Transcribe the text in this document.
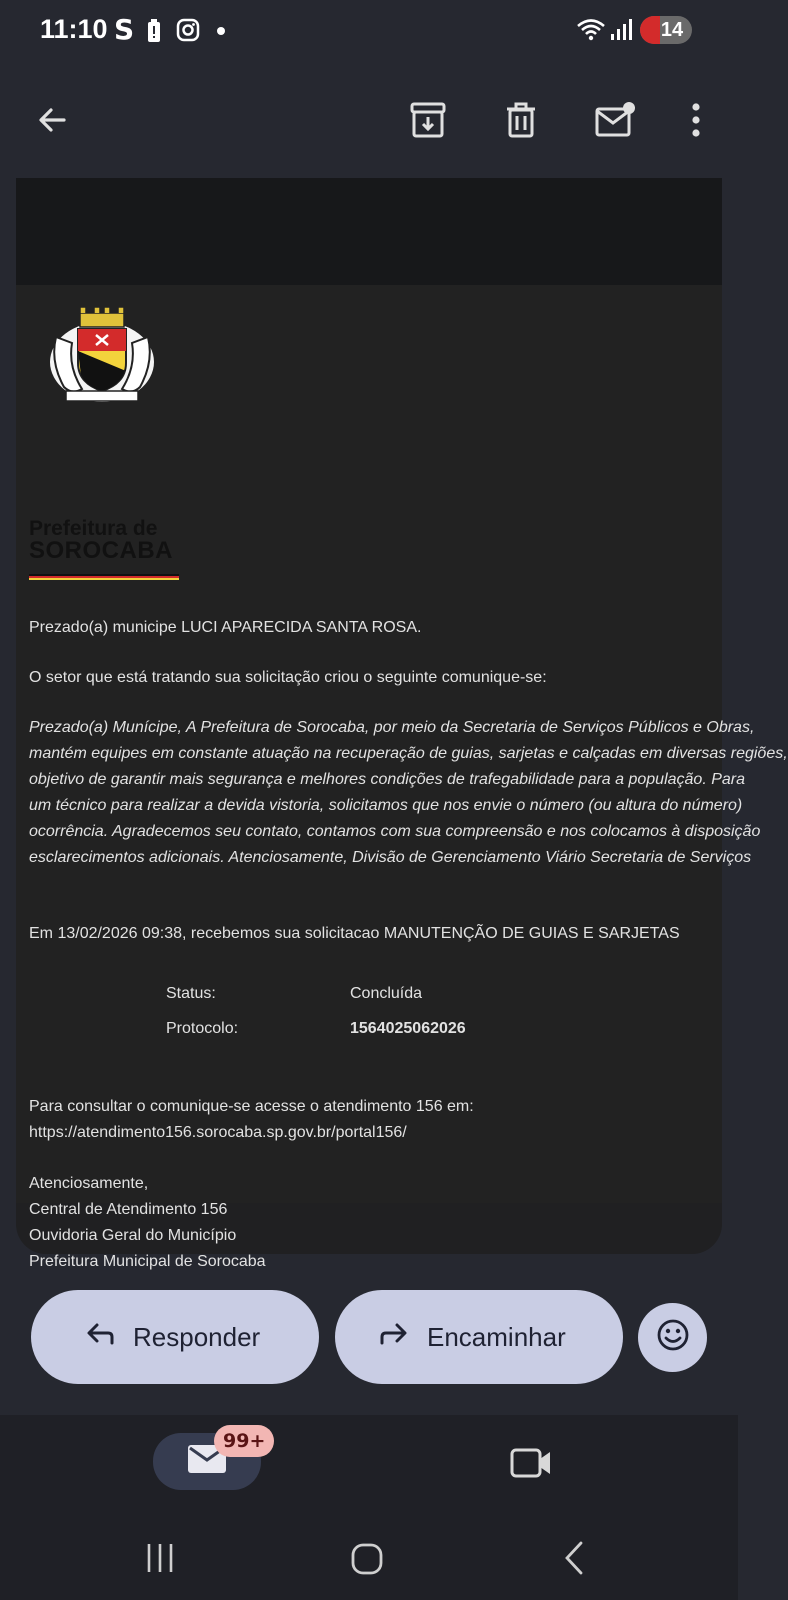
11:10 S	14
Prefeitura de
SOROCABA
Prezado(a) municipe LUCI APARECIDA SANTA ROSA.
O setor que está tratando sua solicitação criou o seguinte comunique-se:
Prezado(a) Munícipe, A Prefeitura de Sorocaba, por meio da Secretaria de Serviços Públicos e Obras,
mantém equipes em constante atuação na recuperação de guias, sarjetas e calçadas em diversas regiões,
objetivo de garantir mais segurança e melhores condições de trafegabilidade para a população. Para
um técnico para realizar a devida vistoria, solicitamos que nos envie o número (ou altura do número)
ocorrência. Agradecemos seu contato, contamos com sua compreensão e nos colocamos à disposição
esclarecimentos adicionais. Atenciosamente, Divisão de Gerenciamento Viário Secretaria de Serviços
Em 13/02/2026 09:38, recebemos sua solicitacao MANUTENÇÃO DE GUIAS E SARJETAS
Status:	Concluída
Protocolo:	1564025062026
Para consultar o comunique-se acesse o atendimento 156 em:
https://atendimento156.sorocaba.sp.gov.br/portal156/
Atenciosamente,
Central de Atendimento 156
Ouvidoria Geral do Município
Prefeitura Municipal de Sorocaba
Responder	Encaminhar
99+
